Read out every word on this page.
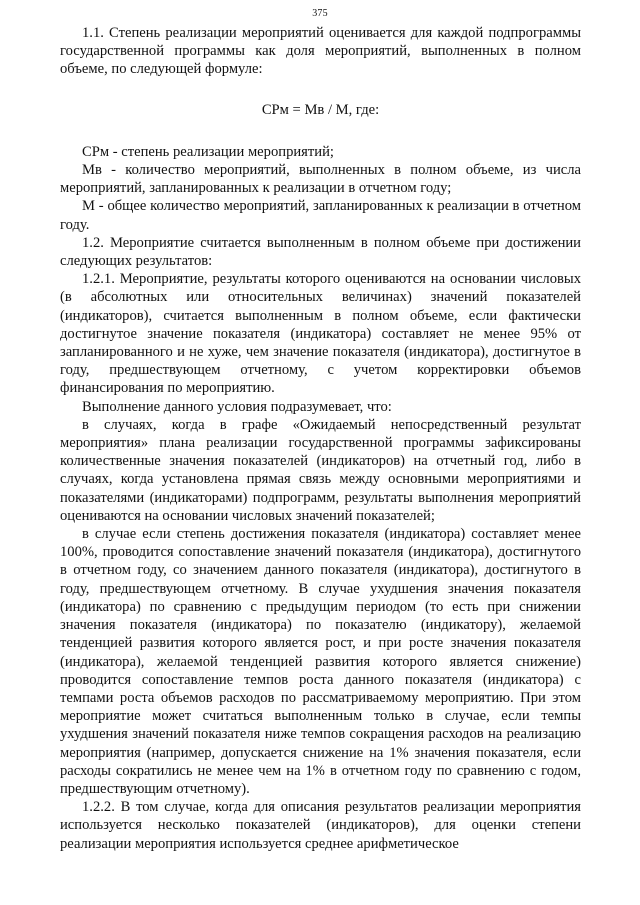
375

1.1. Степень реализации мероприятий оценивается для каждой подпрограммы государственной программы как доля мероприятий, выполненных в полном объеме, по следующей формуле:

СРм = Мв / М, где:

СРм - степень реализации мероприятий;

Мв - количество мероприятий, выполненных в полном объеме, из числа мероприятий, запланированных к реализации в отчетном году;

М - общее количество мероприятий, запланированных к реализации в отчетном году.

1.2. Мероприятие считается выполненным в полном объеме при достижении следующих результатов:

1.2.1. Мероприятие, результаты которого оцениваются на основании числовых (в абсолютных или относительных величинах) значений показателей (индикаторов), считается выполненным в полном объеме, если фактически достигнутое значение показателя (индикатора) составляет не менее 95% от запланированного и не хуже, чем значение показателя (индикатора), достигнутое в году, предшествующем отчетному, с учетом корректировки объемов финансирования по мероприятию.

Выполнение данного условия подразумевает, что:

в случаях, когда в графе «Ожидаемый непосредственный результат мероприятия» плана реализации государственной программы зафиксированы количественные значения показателей (индикаторов) на отчетный год, либо в случаях, когда установлена прямая связь между основными мероприятиями и показателями (индикаторами) подпрограмм, результаты выполнения мероприятий оцениваются на основании числовых значений показателей;

в случае если степень достижения показателя (индикатора) составляет менее 100%, проводится сопоставление значений показателя (индикатора), достигнутого в отчетном году, со значением данного показателя (индикатора), достигнутого в году, предшествующем отчетному. В случае ухудшения значения показателя (индикатора) по сравнению с предыдущим периодом (то есть при снижении значения показателя (индикатора) по показателю (индикатору), желаемой тенденцией развития которого является рост, и при росте значения показателя (индикатора), желаемой тенденцией развития которого является снижение) проводится сопоставление темпов роста данного показателя (индикатора) с темпами роста объемов расходов по рассматриваемому мероприятию. При этом мероприятие может считаться выполненным только в случае, если темпы ухудшения значений показателя ниже темпов сокращения расходов на реализацию мероприятия (например, допускается снижение на 1% значения показателя, если расходы сократились не менее чем на 1% в отчетном году по сравнению с годом, предшествующим отчетному).

1.2.2. В том случае, когда для описания результатов реализации мероприятия используется несколько показателей (индикаторов), для оценки степени реализации мероприятия используется среднее арифметическое
